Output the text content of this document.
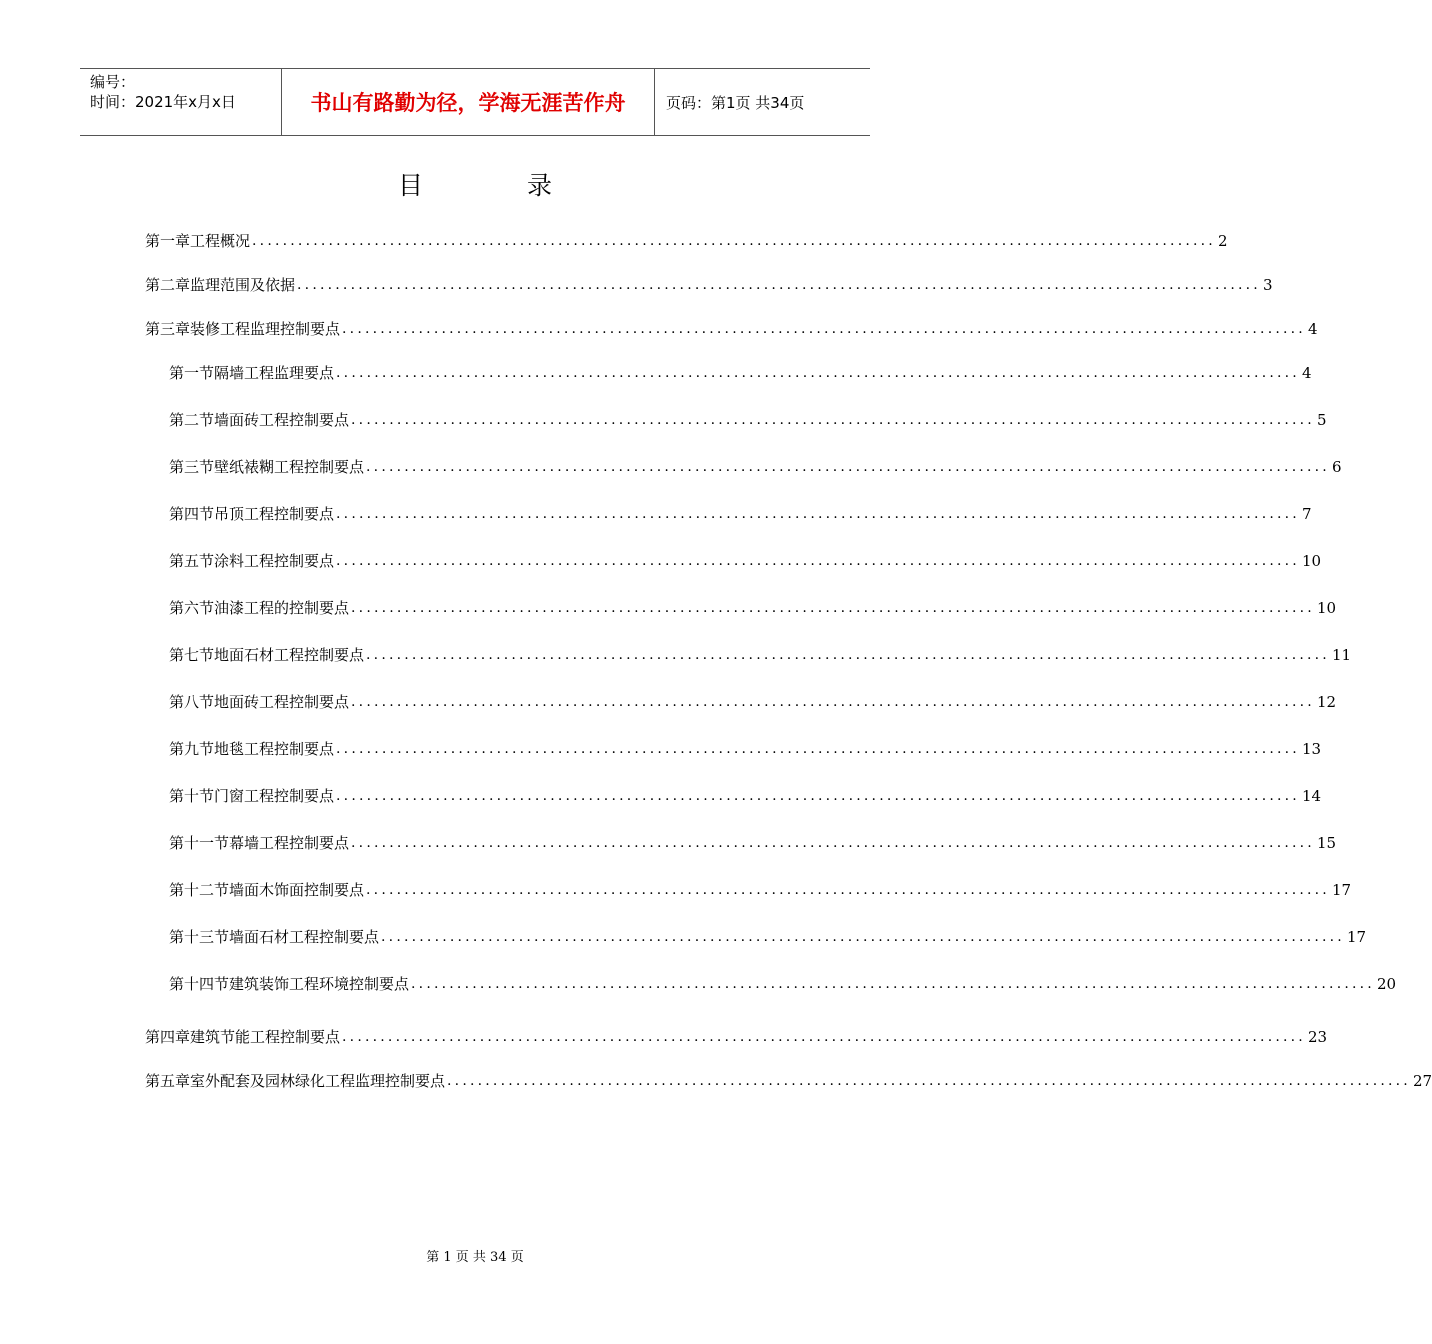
编号：
时间：2021年x月x日	书山有路勤为径，学海无涯苦作舟	页码：第1页 共34页
目	录
第一章 工程概况 .............................................................................................................................. 2
第二章 监理范围及依据 .............................................................................................................................. 3
第三章 装修工程监理控制要点 .............................................................................................................................. 4
第一节 隔墙工程监理要点 .............................................................................................................................. 4
第二节 墙面砖工程控制要点 .............................................................................................................................. 5
第三节 壁纸裱糊工程控制要点 .............................................................................................................................. 6
第四节 吊顶工程控制要点 .............................................................................................................................. 7
第五节 涂料工程控制要点 .............................................................................................................................. 10
第六节 油漆工程的控制要点 .............................................................................................................................. 10
第七节 地面石材工程控制要点 .............................................................................................................................. 11
第八节 地面砖工程控制要点 .............................................................................................................................. 12
第九节 地毯工程控制要点 .............................................................................................................................. 13
第十节 门窗工程控制要点 .............................................................................................................................. 14
第十一节 幕墙工程控制要点 .............................................................................................................................. 15
第十二节 墙面木饰面控制要点 .............................................................................................................................. 17
第十三节 墙面石材工程控制要点 .............................................................................................................................. 17
第十四节 建筑装饰工程环境控制要点 .............................................................................................................................. 20
第四章 建筑节能工程控制要点 .............................................................................................................................. 23
第五章 室外配套及园林绿化工程监理控制要点 .............................................................................................................................. 27
第 1 页 共 34 页
